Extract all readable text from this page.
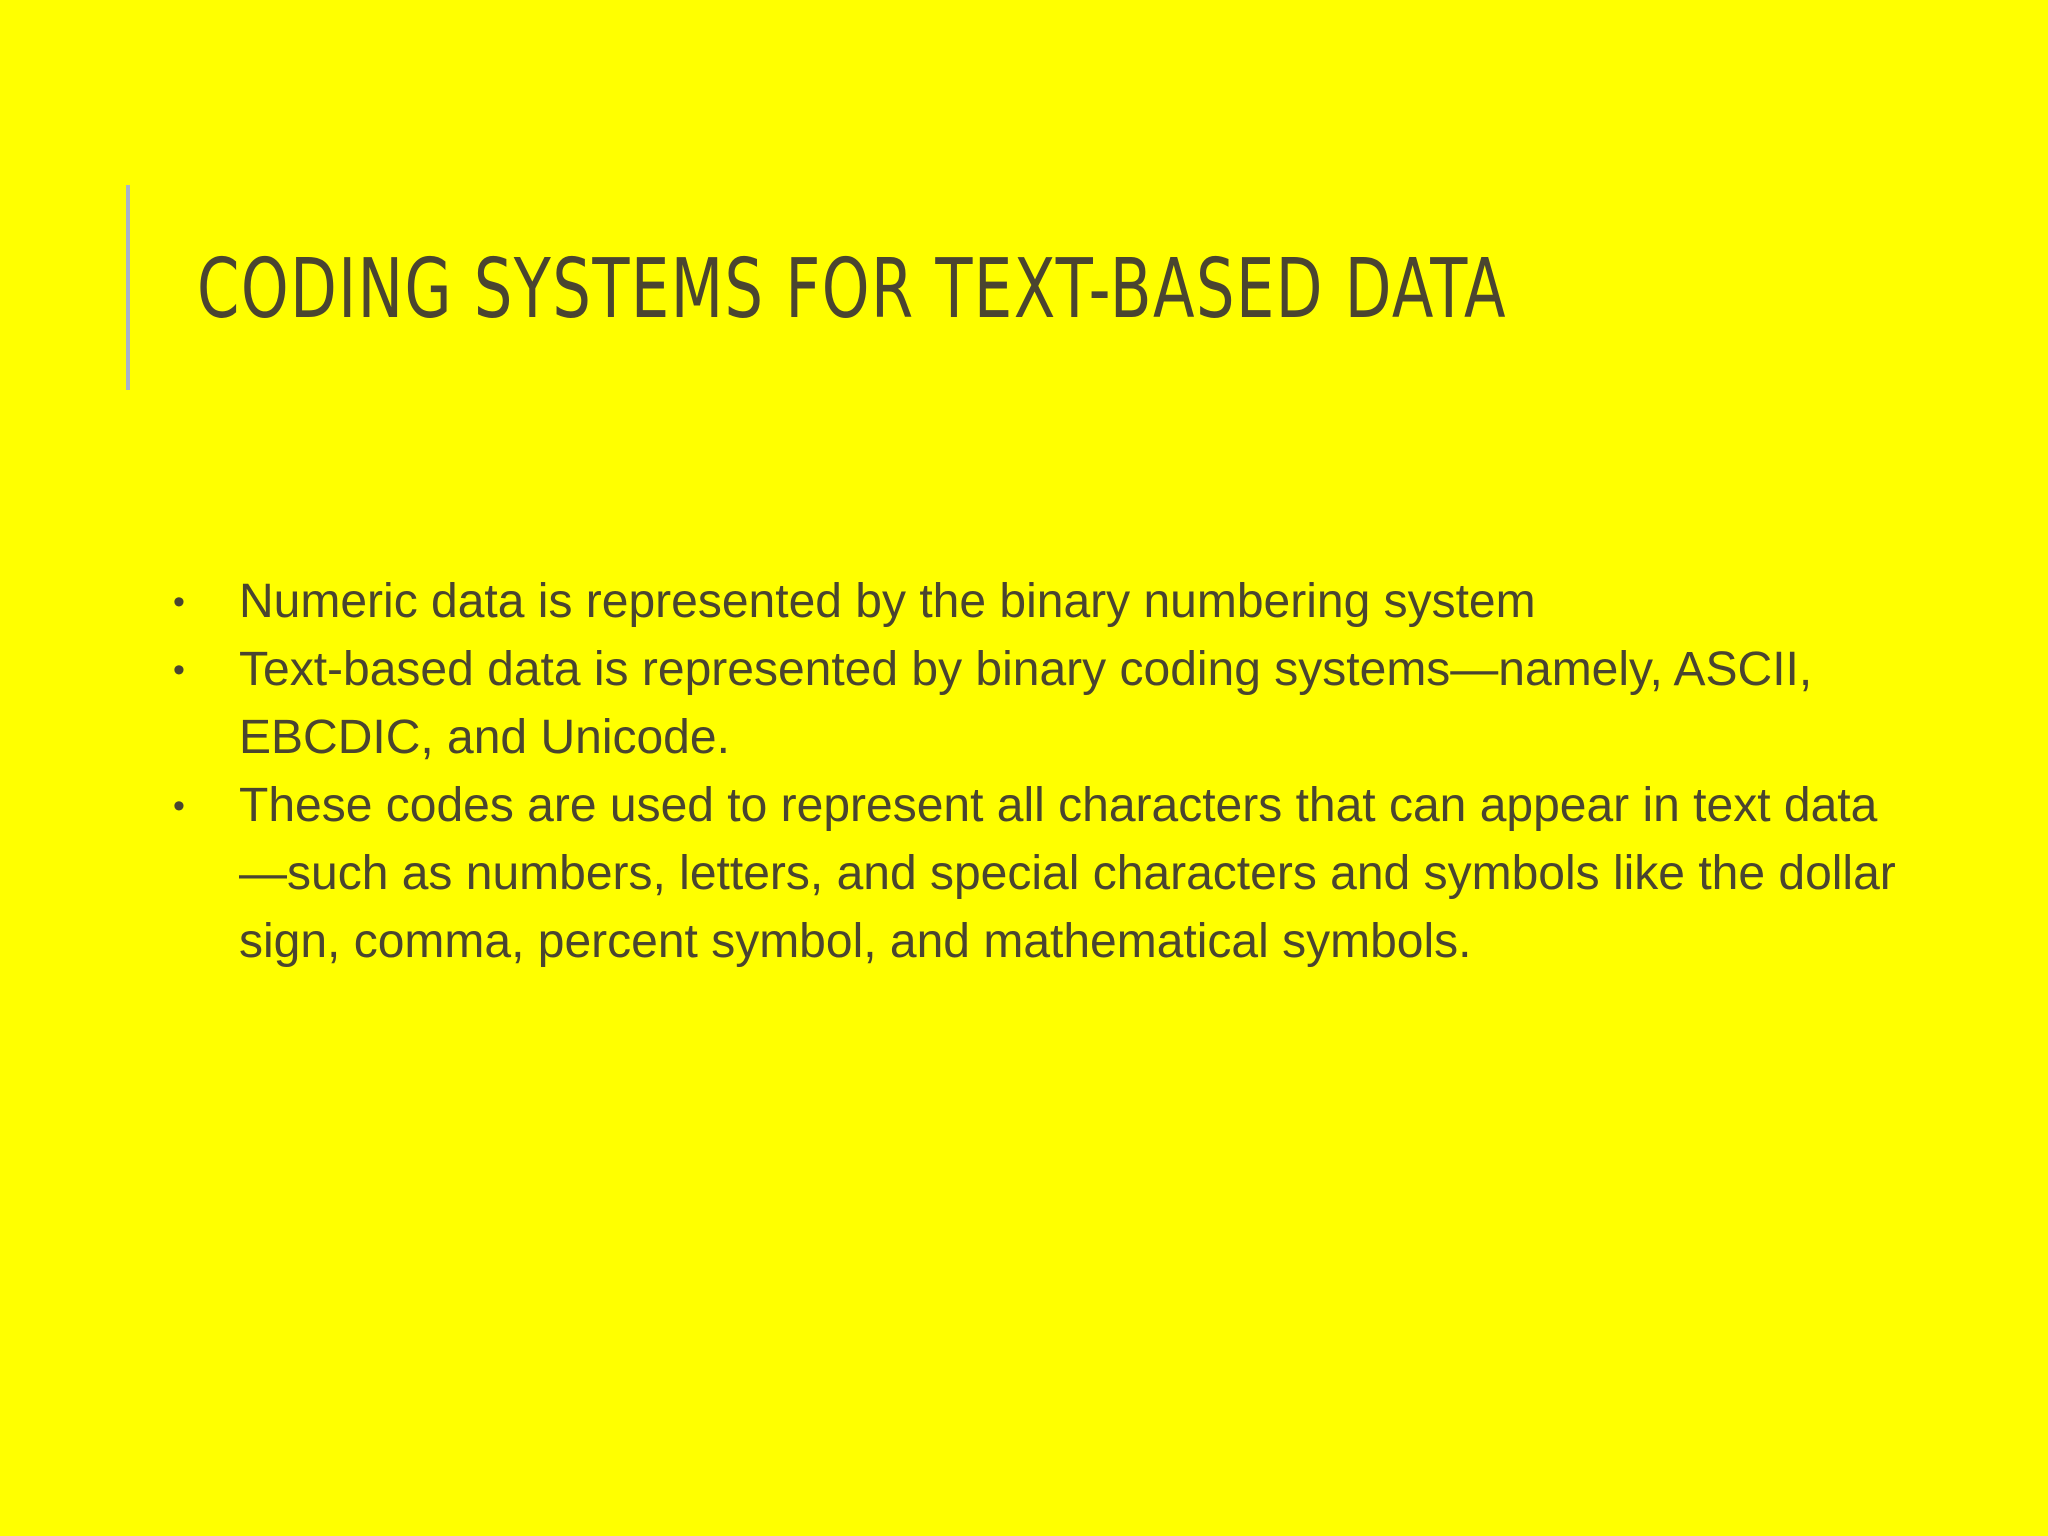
CODING SYSTEMS FOR TEXT-BASED DATA
•	Numeric data is represented by the binary numbering system
•	Text-based data is represented by binary coding systems—namely, ASCII, EBCDIC, and Unicode.
•	These codes are used to represent all characters that can appear in text data—such as numbers, letters, and special characters and symbols like the dollar sign, comma, percent symbol, and mathematical symbols.
